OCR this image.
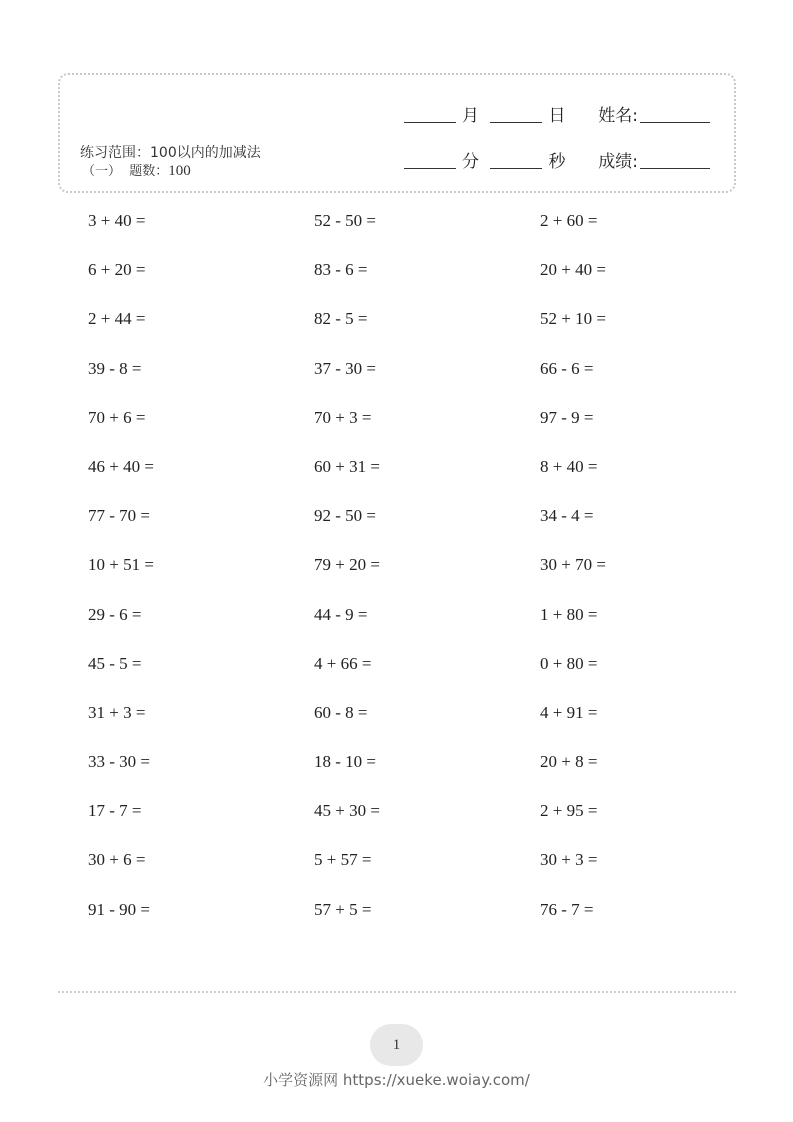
练习范围：100以内的加减法
（一） 题数：100
月	日 姓名:
分	秒 成绩:
3 + 40 =	52 - 50 =	2 + 60 =
6 + 20 =	83 - 6 =	20 + 40 =
2 + 44 =	82 - 5 =	52 + 10 =
39 - 8 =	37 - 30 =	66 - 6 =
70 + 6 =	70 + 3 =	97 - 9 =
46 + 40 =	60 + 31 =	8 + 40 =
77 - 70 =	92 - 50 =	34 - 4 =
10 + 51 =	79 + 20 =	30 + 70 =
29 - 6 =	44 - 9 =	1 + 80 =
45 - 5 =	4 + 66 =	0 + 80 =
31 + 3 =	60 - 8 =	4 + 91 =
33 - 30 =	18 - 10 =	20 + 8 =
17 - 7 =	45 + 30 =	2 + 95 =
30 + 6 =	5 + 57 =	30 + 3 =
91 - 90 =	57 + 5 =	76 - 7 =
1
小学资源网 https://xueke.woiay.com/
